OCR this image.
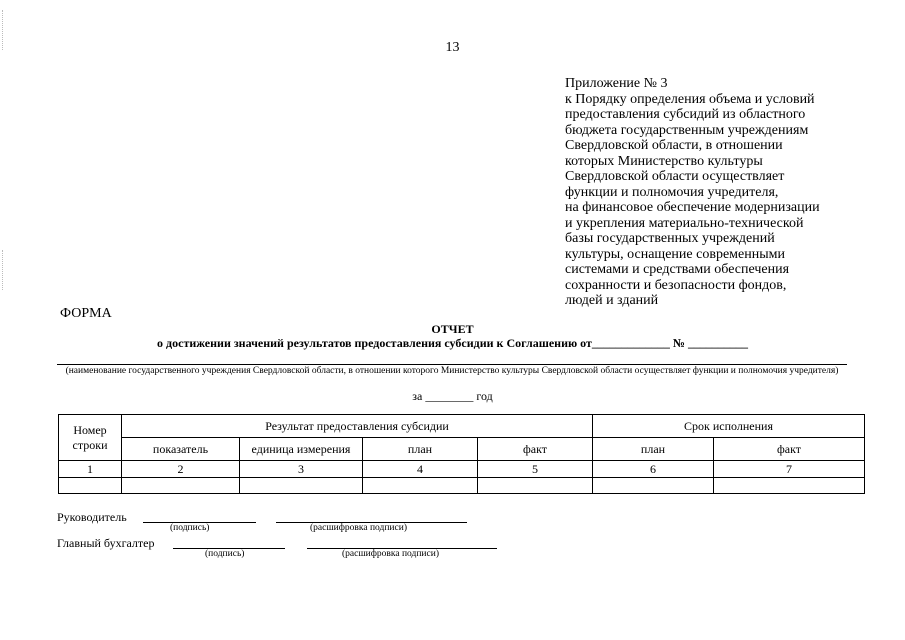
13
Приложение № 3
к Порядку определения объема и условий
предоставления субсидий из областного
бюджета государственным учреждениям
Свердловской области, в отношении
которых Министерство культуры
Свердловской области осуществляет
функции и полномочия учредителя,
на финансовое обеспечение модернизации
и укрепления материально-технической
базы государственных учреждений
культуры, оснащение современными
системами и средствами обеспечения
сохранности и безопасности фондов,
людей и зданий
ФОРМА
ОТЧЕТ
о достижении значений результатов предоставления субсидии к Соглашению от_____________ № __________
(наименование государственного учреждения Свердловской области, в отношении которого Министерство культуры Свердловской области осуществляет функции и полномочия учредителя)
за ________ год
Номер строки	Результат предоставления субсидии				Срок исполнения	
	показатель	единица измерения	план	факт	план	факт
1	2	3	4	5	6	7

Руководитель
(подпись)	(расшифровка подписи)
Главный бухгалтер
(подпись)	(расшифровка подписи)
